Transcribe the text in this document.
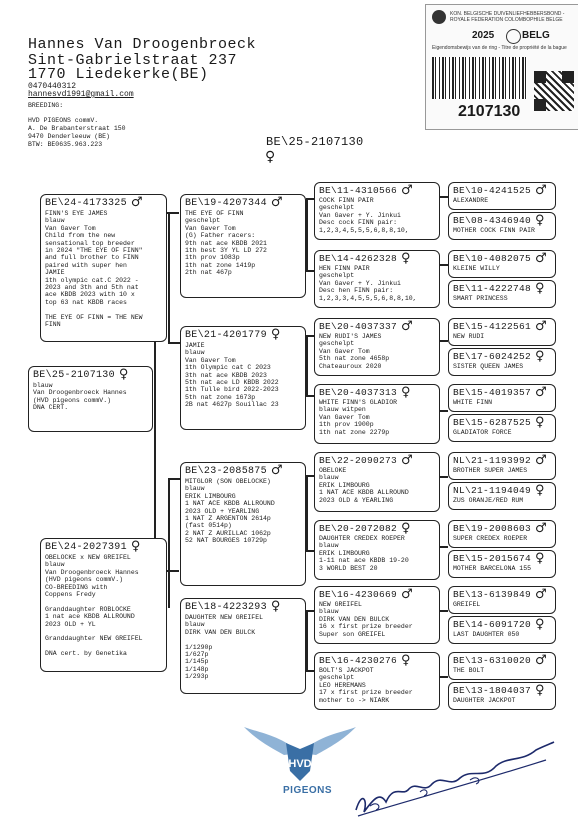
Hannes Van Droogenbroeck
Sint-Gabrielstraat 237
1770 Liedekerke(BE)
0470440312
hannesvd1991@gmail.com
BREEDING:
HVD PIGEONS commV.
A. De Brabanterstraat 150
9470 Denderleeuw (BE)
BTW: BE0635.963.223	BE\25-2107130
♀
KON. BELGISCHE DUIVENLIEFHEBBERSBOND - ROYALE FEDERATION COLOMBOPHILE BELGE
2025	BELG
Eigendomsbewijs van de ring - Titre de propriété de la bague
2107130
BE\25-2107130 ♀
blauw
Van Droogenbroeck Hannes
(HVD pigeons commV.)
DNA CERT.
BE\24-4173325 ♂
FINN'S EYE JAMES
blauw
Van Gaver Tom
Child from the new
sensational top breeder
in 2024 "THE EYE OF FINN"
and full brother to FINN
paired with super hen
JAMIE
1th olympic cat.C 2022 -
2023 and 3th and 5th nat
ace KBDB 2023 with 10 x
top 63 nat KBDB races

THE EYE OF FINN = THE NEW
FINN
BE\24-2027391 ♀
OBELOCKE x NEW GREIFEL
blauw
Van Droogenbroeck Hannes
(HVD pigeons commV.)
CO-BREEDING with
Coppens Fredy

Granddaughter ROBLOCKE
1 nat ace KBDB ALLROUND
2023 OLD + YL

Granddaughter NEW GREIFEL

DNA cert. by Genetika
BE\19-4207344 ♂
THE EYE OF FINN
geschelpt
Van Gaver Tom
(G) Father racers:
9th nat ace KBDB 2021
1th best 3Y YL LD 272
1th prov 1083p
1th nat zone 1419p
2th nat 467p
BE\21-4201779 ♀
JAMIE
blauw
Van Gaver Tom
1th Olympic cat C 2023
3th nat ace KBDB 2023
5th nat ace LD KBDB 2022
1th Tulle bird 2022-2023
5th nat zone 1673p
2B nat 4627p Souillac 23
BE\23-2085875 ♂
MITGLOR (SON OBELOCKE)
blauw
ERIK LIMBOURG
1 NAT ACE KBDB ALLROUND
2023 OLD + YEARLING
1 NAT Z ARGENTON 2614p
(fast 0514p)
2 NAT Z AURILLAC 1062p
52 NAT BOURGES 10729p
BE\18-4223293 ♀
DAUGHTER NEW GREIFEL
blauw
DIRK VAN DEN BULCK

1/1290p
1/627p
1/145p
1/148p
1/293p
BE\11-4310566 ♂
COCK FINN PAIR
geschelpt
Van Gaver + Y. Jinkui
Desc cock FINN pair:
1,2,3,4,5,5,5,6,8,8,10,
BE\14-4262328 ♀
HEN FINN PAIR
geschelpt
Van Gaver + Y. Jinkui
Desc hen FINN pair:
1,2,3,3,4,5,5,5,6,8,8,10,
BE\20-4037337 ♂
NEW RUDI'S JAMES
geschelpt
Van Gaver Tom
5th nat zone 4658p
Chateauroux 2020
BE\20-4037313 ♀
WHITE FINN'S GLADIOR
blauw witpen
Van Gaver Tom
1th prov 1900p
1th nat zone 2279p
BE\22-2090273 ♂
OBELOKE
blauw
ERIK LIMBOURG
1 NAT ACE KBDB ALLROUND
2023 OLD & YEARLING
BE\20-2072082 ♀
DAUGHTER CREDEX ROEPER
blauw
ERIK LIMBOURG
1-11 nat ace KBDB 19-20
3 WORLD BEST 20
BE\16-4230669 ♂
NEW GREIFEL
blauw
DIRK VAN DEN BULCK
16 x first prize breeder
Super son GREIFEL
BE\16-4230276 ♀
BOLT'S JACKPOT
geschelpt
LEO HEREMANS
17 x first prize breeder
mother to -> NIARK
BE\10-4241525 ♂
ALEXANDRE
BE\08-4346940 ♀
MOTHER COCK FINN PAIR
BE\10-4082075 ♂
KLEINE WILLY
BE\11-4222748 ♀
SMART PRINCESS
BE\15-4122561 ♂
NEW RUDI
BE\17-6024252 ♀
SISTER QUEEN JAMES
BE\15-4019357 ♂
WHITE FINN
BE\15-6287525 ♀
GLADIATOR FORCE
NL\21-1193992 ♂
BROTHER SUPER JAMES
NL\21-1194049 ♀
ZUS ORANJE/RED RUM
BE\19-2008603 ♂
SUPER CREDEX ROEPER
BE\15-2015674 ♀
MOTHER BARCELONA 155
BE\13-6139849 ♂
GREIFEL
BE\14-6091720 ♀
LAST DAUGHTER 050
BE\13-6310020 ♂
THE BOLT
BE\13-1804037 ♀
DAUGHTER JACKPOT
HVD
PIGEONS
